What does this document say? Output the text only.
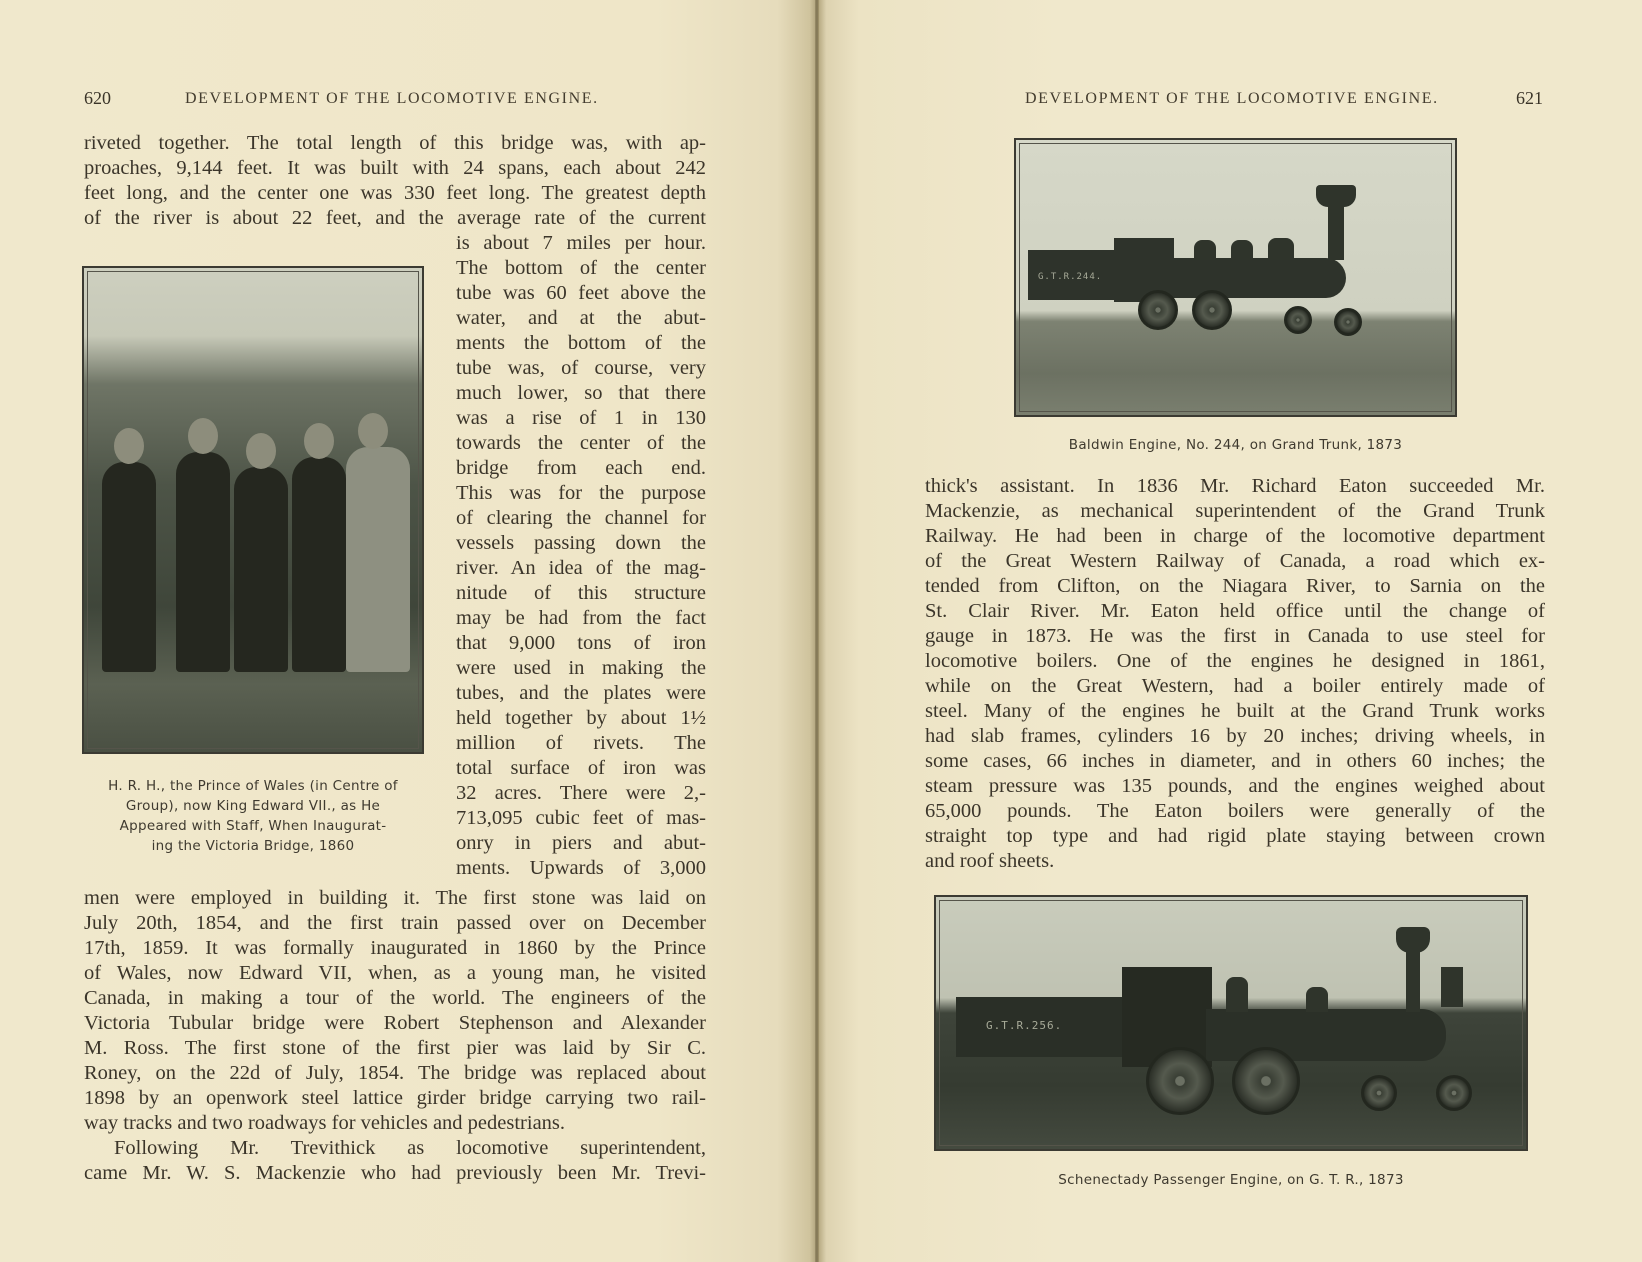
620	DEVELOPMENT OF THE LOCOMOTIVE ENGINE.
riveted together. The total length of this bridge was, with ap-
proaches, 9,144 feet. It was built with 24 spans, each about 242
feet long, and the center one was 330 feet long. The greatest depth
of the river is about 22 feet, and the average rate of the current
is about 7 miles per hour.
The bottom of the center
tube was 60 feet above the
water, and at the abut-
ments the bottom of the
tube was, of course, very
much lower, so that there
was a rise of 1 in 130
towards the center of the
bridge from each end.
This was for the purpose
of clearing the channel for
vessels passing down the
river. An idea of the mag-
nitude of this structure
may be had from the fact
that 9,000 tons of iron
were used in making the
tubes, and the plates were
held together by about 1½
million of rivets. The
total surface of iron was
32 acres. There were 2,-
713,095 cubic feet of mas-
onry in piers and abut-
ments. Upwards of 3,000
H. R. H., the Prince of Wales (in Centre of
Group), now King Edward VII., as He
Appeared with Staff, When Inaugurat-
ing the Victoria Bridge, 1860
men were employed in building it. The first stone was laid on
July 20th, 1854, and the first train passed over on December
17th, 1859. It was formally inaugurated in 1860 by the Prince
of Wales, now Edward VII, when, as a young man, he visited
Canada, in making a tour of the world. The engineers of the
Victoria Tubular bridge were Robert Stephenson and Alexander
M. Ross. The first stone of the first pier was laid by Sir C.
Roney, on the 22d of July, 1854. The bridge was replaced about
1898 by an openwork steel lattice girder bridge carrying two rail-
way tracks and two roadways for vehicles and pedestrians.
Following Mr. Trevithick as locomotive superintendent,
came Mr. W. S. Mackenzie who had previously been Mr. Trevi-
DEVELOPMENT OF THE LOCOMOTIVE ENGINE.	621
G.T.R.244.
Baldwin Engine, No. 244, on Grand Trunk, 1873
thick's assistant. In 1836 Mr. Richard Eaton succeeded Mr.
Mackenzie, as mechanical superintendent of the Grand Trunk
Railway. He had been in charge of the locomotive department
of the Great Western Railway of Canada, a road which ex-
tended from Clifton, on the Niagara River, to Sarnia on the
St. Clair River. Mr. Eaton held office until the change of
gauge in 1873. He was the first in Canada to use steel for
locomotive boilers. One of the engines he designed in 1861,
while on the Great Western, had a boiler entirely made of
steel. Many of the engines he built at the Grand Trunk works
had slab frames, cylinders 16 by 20 inches; driving wheels, in
some cases, 66 inches in diameter, and in others 60 inches; the
steam pressure was 135 pounds, and the engines weighed about
65,000 pounds. The Eaton boilers were generally of the
straight top type and had rigid plate staying between crown
and roof sheets.
G.T.R.256.
Schenectady Passenger Engine, on G. T. R., 1873
